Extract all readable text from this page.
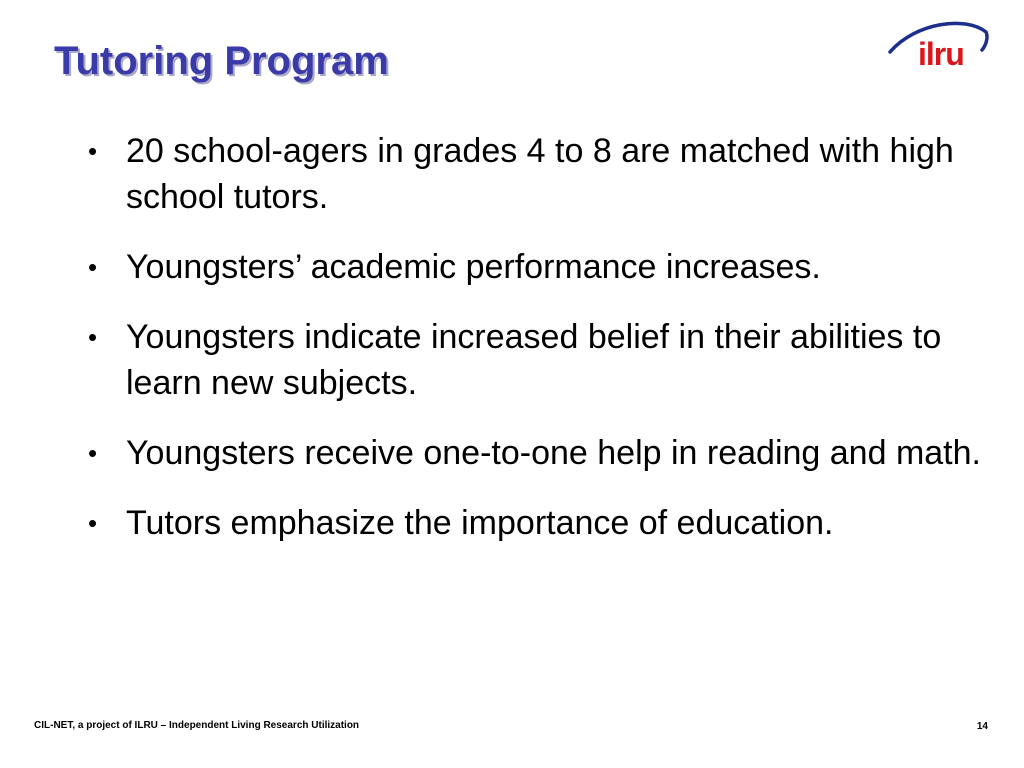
Tutoring Program	ilru
• 20 school-agers in grades 4 to 8 are matched with high school tutors.
• Youngsters’ academic performance increases.
• Youngsters indicate increased belief in their abilities to learn new subjects.
• Youngsters receive one-to-one help in reading and math.
• Tutors emphasize the importance of education.
CIL-NET, a project of ILRU – Independent Living Research Utilization	14
